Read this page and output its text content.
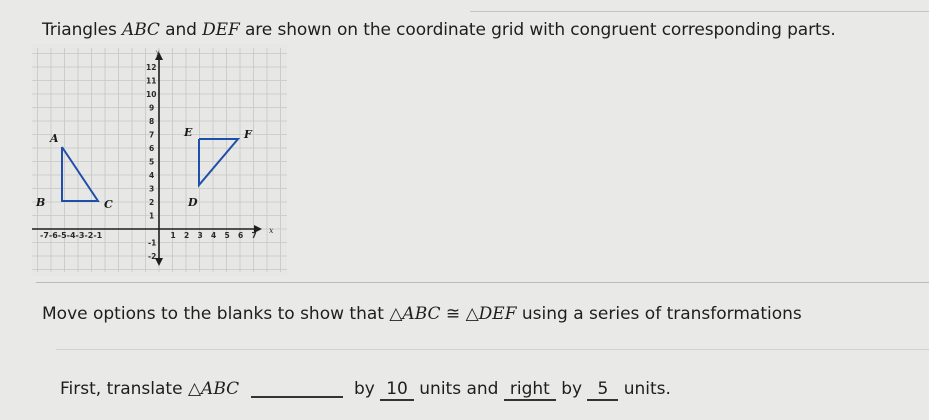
Triangles ABC and DEF are shown on the coordinate grid with congruent corresponding parts.
y
x
12
11
10
9
8
7
6
5
4
3
2
1
-1
-2
-7-6-5-4-3-2-1	1 2 3 4 5 6 7
A
B	C	D
E	F
Move options to the blanks to show that △ABC ≅ △DEF using a series of transformations
First, translate △ABC	by 10 units and right by 5 units.
